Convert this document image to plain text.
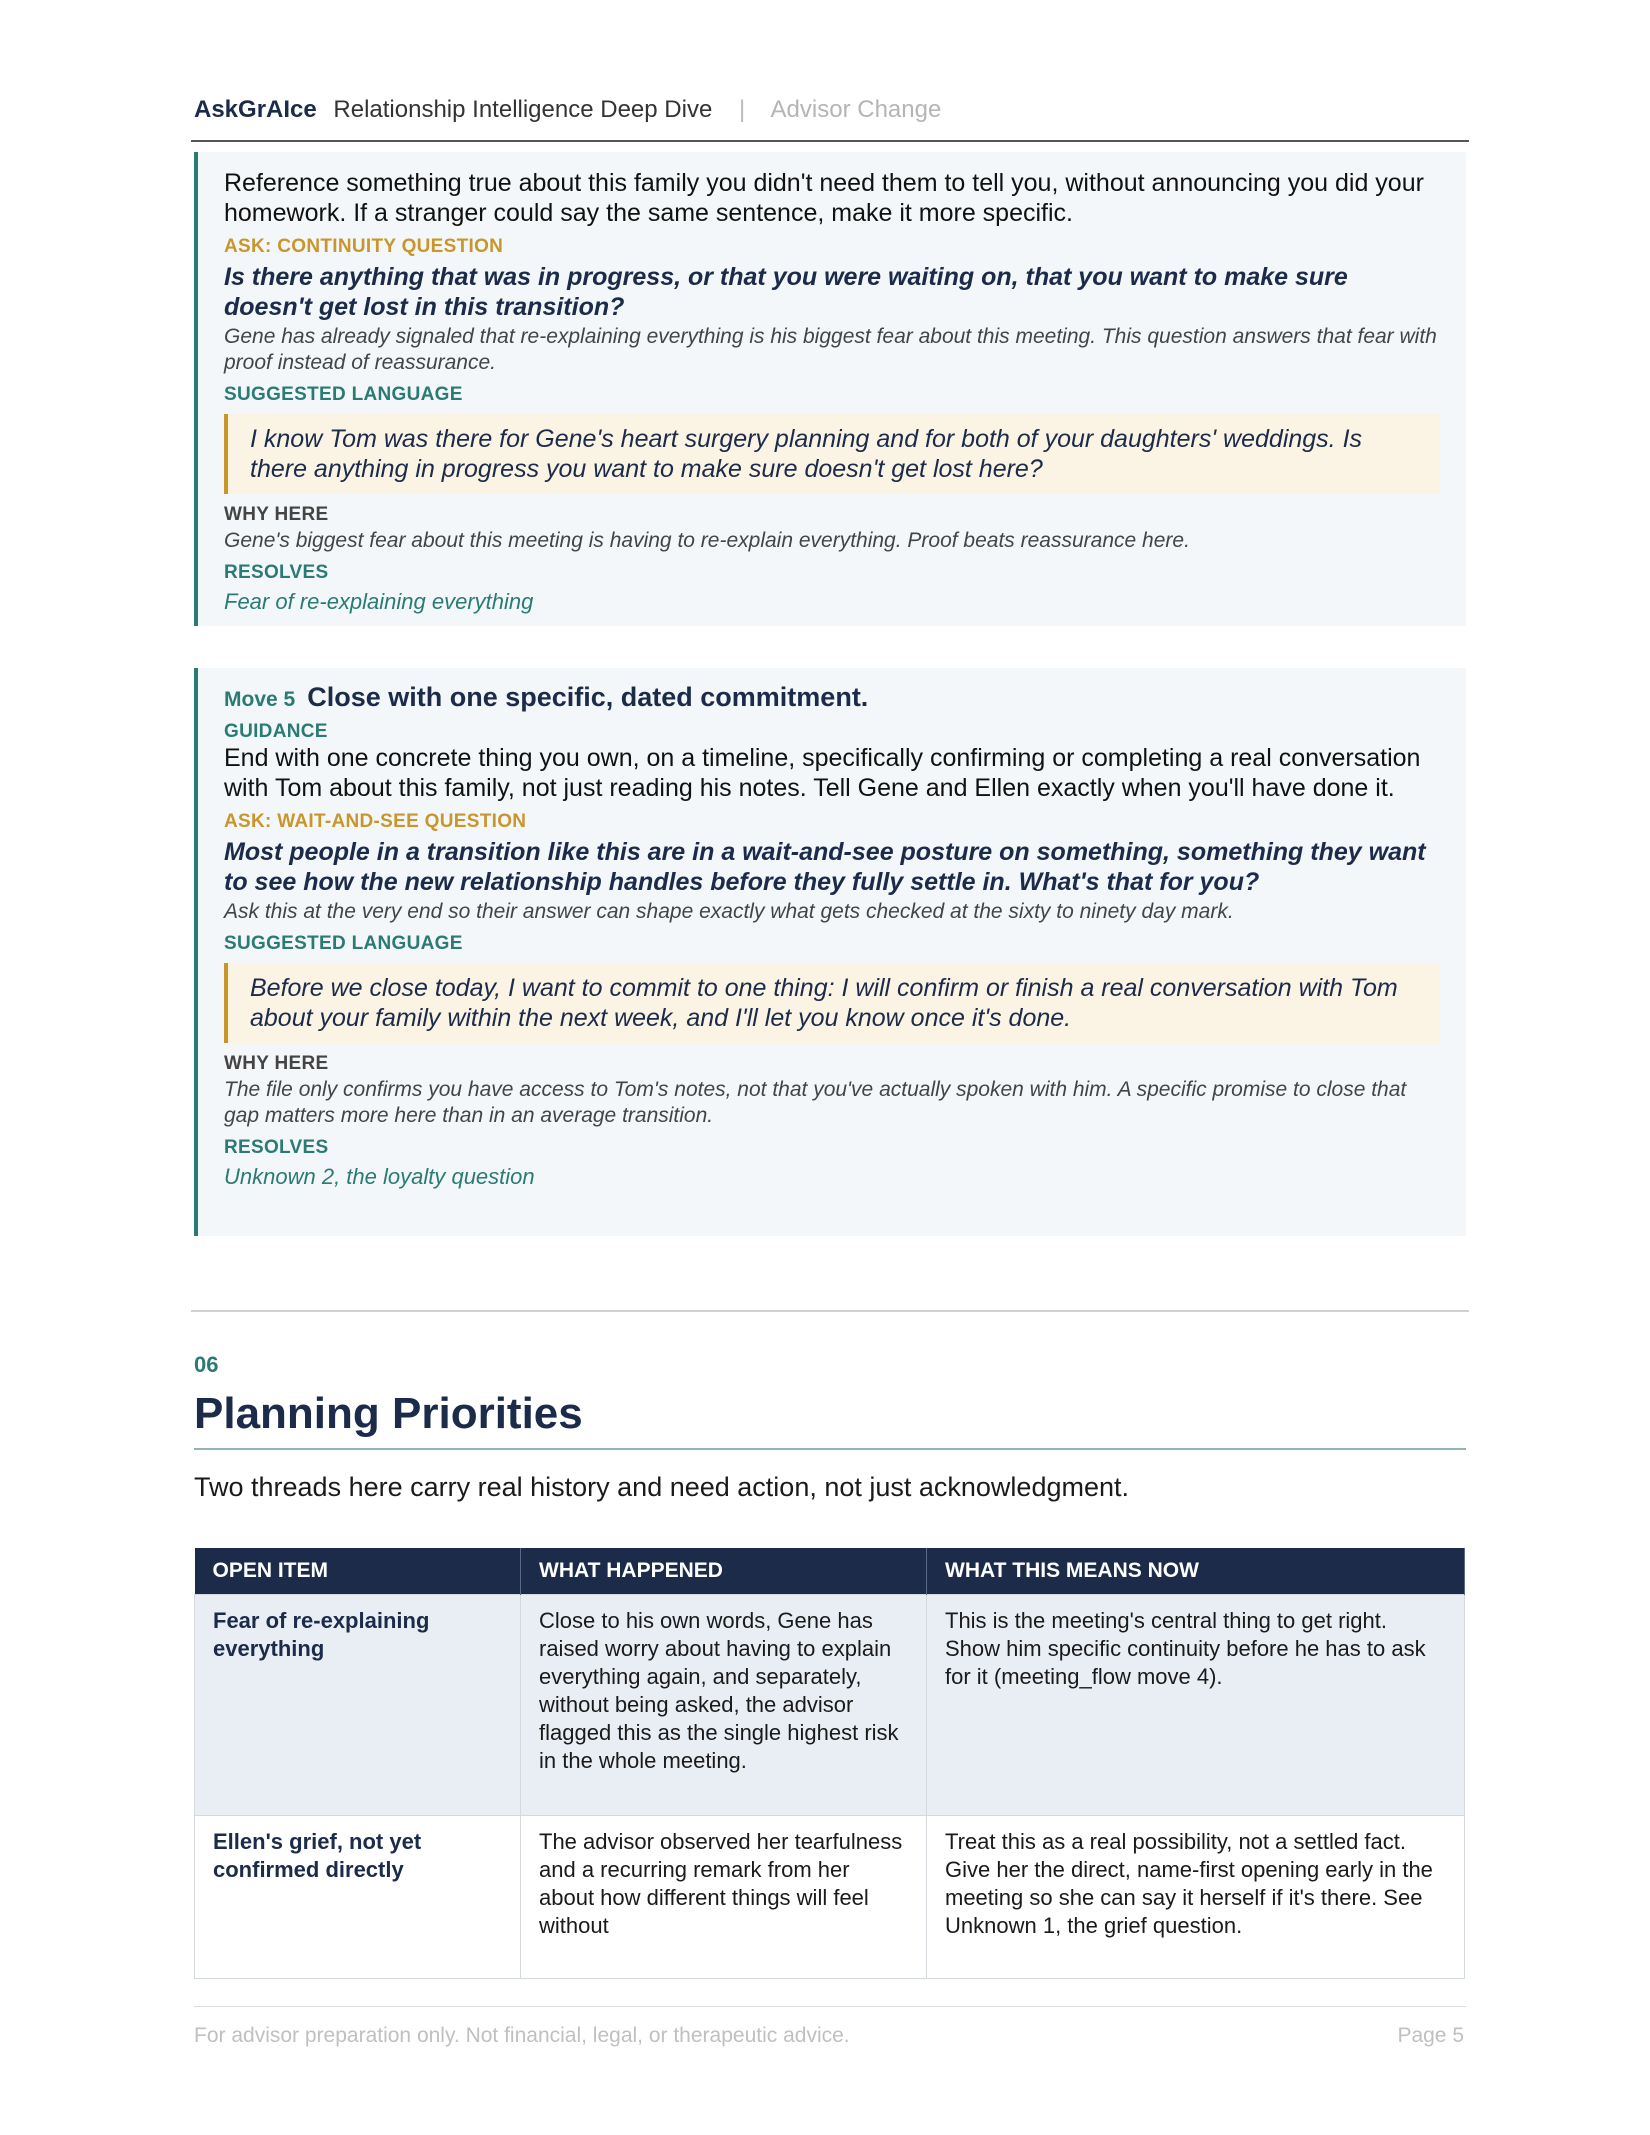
AskGrAIce Relationship Intelligence Deep Dive | Advisor Change
Reference something true about this family you didn't need them to tell you, without announcing you did your homework. If a stranger could say the same sentence, make it more specific.
ASK: CONTINUITY QUESTION
Is there anything that was in progress, or that you were waiting on, that you want to make sure doesn't get lost in this transition?
Gene has already signaled that re-explaining everything is his biggest fear about this meeting. This question answers that fear with proof instead of reassurance.
SUGGESTED LANGUAGE
I know Tom was there for Gene's heart surgery planning and for both of your daughters' weddings. Is there anything in progress you want to make sure doesn't get lost here?
WHY HERE
Gene's biggest fear about this meeting is having to re-explain everything. Proof beats reassurance here.
RESOLVES
Fear of re-explaining everything
Move 5 Close with one specific, dated commitment.
GUIDANCE
End with one concrete thing you own, on a timeline, specifically confirming or completing a real conversation with Tom about this family, not just reading his notes. Tell Gene and Ellen exactly when you'll have done it.
ASK: WAIT-AND-SEE QUESTION
Most people in a transition like this are in a wait-and-see posture on something, something they want to see how the new relationship handles before they fully settle in. What's that for you?
Ask this at the very end so their answer can shape exactly what gets checked at the sixty to ninety day mark.
SUGGESTED LANGUAGE
Before we close today, I want to commit to one thing: I will confirm or finish a real conversation with Tom about your family within the next week, and I'll let you know once it's done.
WHY HERE
The file only confirms you have access to Tom's notes, not that you've actually spoken with him. A specific promise to close that gap matters more here than in an average transition.
RESOLVES
Unknown 2, the loyalty question
06
Planning Priorities
Two threads here carry real history and need action, not just acknowledgment.
OPEN ITEM	WHAT HAPPENED	WHAT THIS MEANS NOW
Fear of re-explaining everything	Close to his own words, Gene has raised worry about having to explain everything again, and separately, without being asked, the advisor flagged this as the single highest risk in the whole meeting.	This is the meeting's central thing to get right. Show him specific continuity before he has to ask for it (meeting_flow move 4).
Ellen's grief, not yet confirmed directly	The advisor observed her tearfulness and a recurring remark from her about how different things will feel without	Treat this as a real possibility, not a settled fact. Give her the direct, name-first opening early in the meeting so she can say it herself if it's there. See Unknown 1, the grief question.
For advisor preparation only. Not financial, legal, or therapeutic advice.	Page 5
